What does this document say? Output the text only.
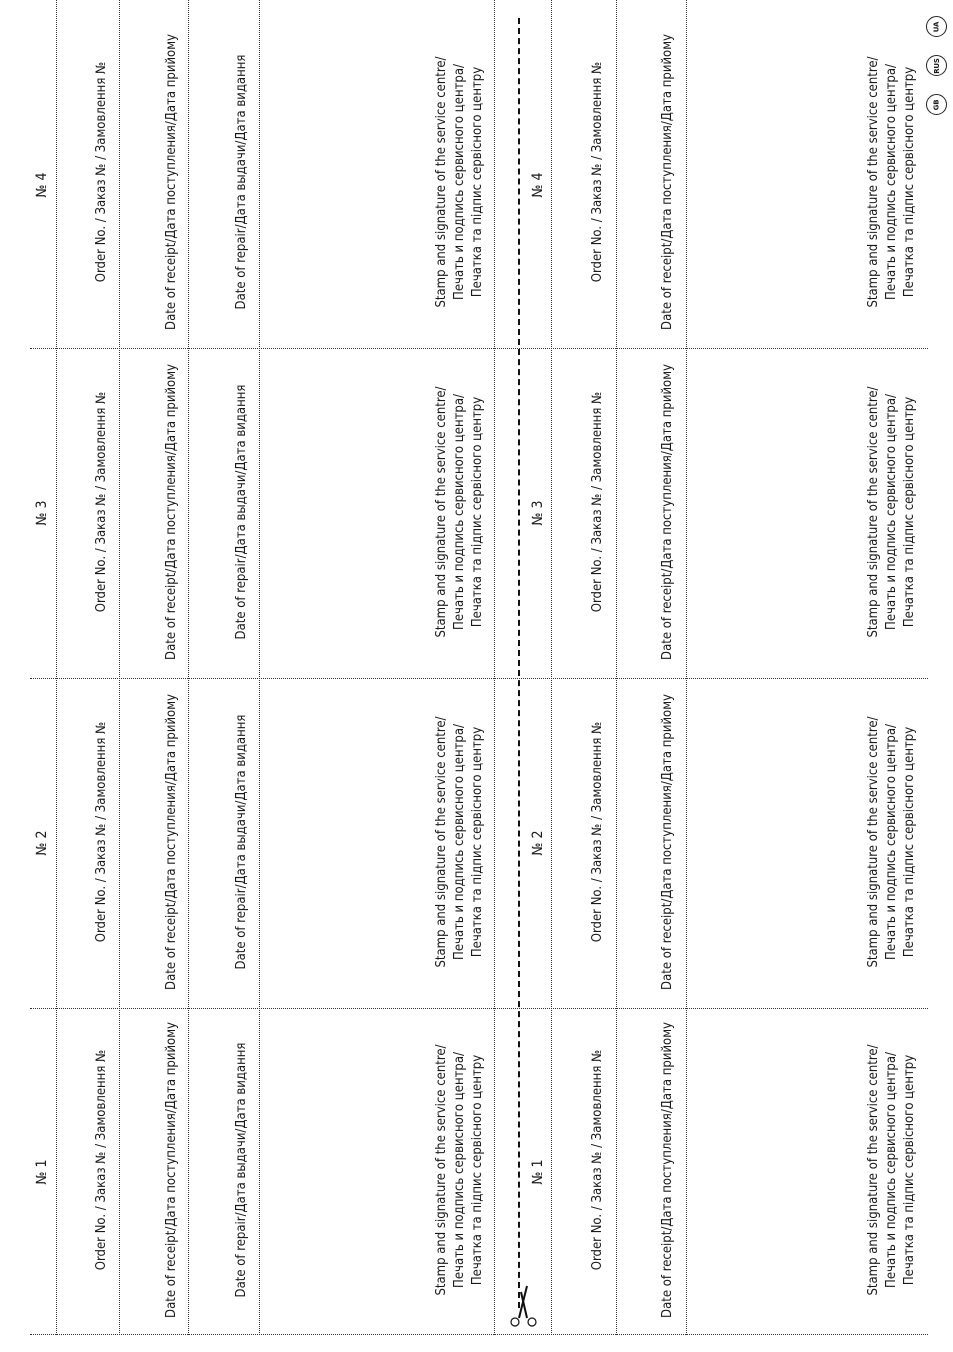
№ 4	Order No. / Заказ № / Замовлення №	Date of receipt/Дата поступления/Дата прийому	Date of repair/Дата выдачи/Дата видання	Stamp and signature of the service centre/ Печать и подпись сервисного центра/ Печатка та підпис сервісного центру
№ 3	Order No. / Заказ № / Замовлення №	Date of receipt/Дата поступления/Дата прийому	Date of repair/Дата выдачи/Дата видання	Stamp and signature of the service centre/ Печать и подпись сервисного центра/ Печатка та підпис сервісного центру
№ 2	Order No. / Заказ № / Замовлення №	Date of receipt/Дата поступления/Дата прийому	Date of repair/Дата выдачи/Дата видання	Stamp and signature of the service centre/ Печать и подпись сервисного центра/ Печатка та підпис сервісного центру
№ 1	Order No. / Заказ № / Замовлення №	Date of receipt/Дата поступления/Дата прийому	Date of repair/Дата выдачи/Дата видання	Stamp and signature of the service centre/ Печать и подпись сервисного центра/ Печатка та підпис сервісного центру
№ 4	Order No. / Заказ № / Замовлення №	Date of receipt/Дата поступления/Дата прийому	Stamp and signature of the service centre/ Печать и подпись сервисного центра/ Печатка та підпис сервісного центру
№ 3	Order No. / Заказ № / Замовлення №	Date of receipt/Дата поступления/Дата прийому	Stamp and signature of the service centre/ Печать и подпись сервисного центра/ Печатка та підпис сервісного центру
№ 2	Order No. / Заказ № / Замовлення №	Date of receipt/Дата поступления/Дата прийому	Stamp and signature of the service centre/ Печать и подпись сервисного центра/ Печатка та підпис сервісного центру
№ 1	Order No. / Заказ № / Замовлення №	Date of receipt/Дата поступления/Дата прийому	Stamp and signature of the service centre/ Печать и подпись сервисного центра/ Печатка та підпис сервісного центру
UA
RUS
GB
